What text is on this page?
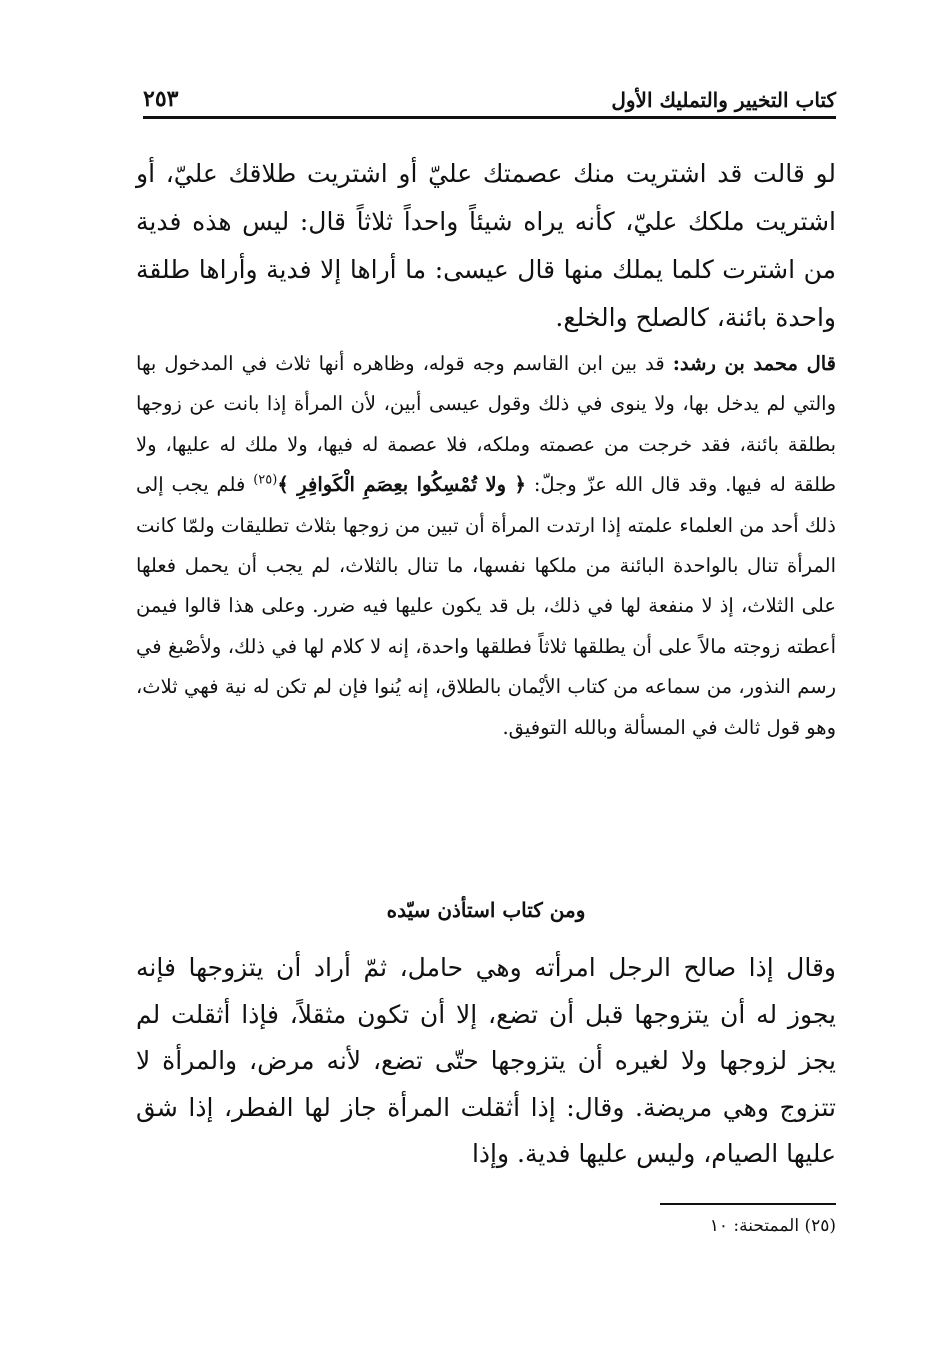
كتاب التخيير والتمليك الأول
٢٥٣

لو قالت قد اشتريت منك عصمتك عليّ أو اشتريت طلاقك عليّ، أو اشتريت ملكك عليّ، كأنه يراه شيئاً واحداً ثلاثاً قال: ليس هذه فدية من اشترت كلما يملك منها قال عيسى: ما أراها إلا فدية وأراها طلقة واحدة بائنة، كالصلح والخلع.

قال محمد بن رشد: قد بين ابن القاسم وجه قوله، وظاهره أنها ثلاث في المدخول بها والتي لم يدخل بها، ولا ينوى في ذلك وقول عيسى أبين، لأن المرأة إذا بانت عن زوجها بطلقة بائنة، فقد خرجت من عصمته وملكه، فلا عصمة له فيها، ولا ملك له عليها، ولا طلقة له فيها. وقد قال الله عزّ وجلّ: ﴿ ولا تُمْسِكُوا بعِصَمِ الْكَوافِرِ ﴾$^{(٢٥)}$ فلم يجب إلى ذلك أحد من العلماء علمته إذا ارتدت المرأة أن تبين من زوجها بثلاث تطليقات ولمّا كانت المرأة تنال بالواحدة البائنة من ملكها نفسها، ما تنال بالثلاث، لم يجب أن يحمل فعلها على الثلاث، إذ لا منفعة لها في ذلك، بل قد يكون عليها فيه ضرر. وعلى هذا قالوا فيمن أعطته زوجته مالاً على أن يطلقها ثلاثاً فطلقها واحدة، إنه لا كلام لها في ذلك، ولأصْبغ في رسم النذور، من سماعه من كتاب الأيْمان بالطلاق، إنه يُنوا فإن لم تكن له نية فهي ثلاث، وهو قول ثالث في المسألة وبالله التوفيق.

ومن كتاب استأذن سيّده

وقال إذا صالح الرجل امرأته وهي حامل، ثمّ أراد أن يتزوجها فإنه يجوز له أن يتزوجها قبل أن تضع، إلا أن تكون مثقلاً، فإذا أثقلت لم يجز لزوجها ولا لغيره أن يتزوجها حتّى تضع، لأنه مرض، والمرأة لا تتزوج وهي مريضة. وقال: إذا أثقلت المرأة جاز لها الفطر، إذا شق عليها الصيام، وليس عليها فدية. وإذا

(٢٥) الممتحنة: ١٠
